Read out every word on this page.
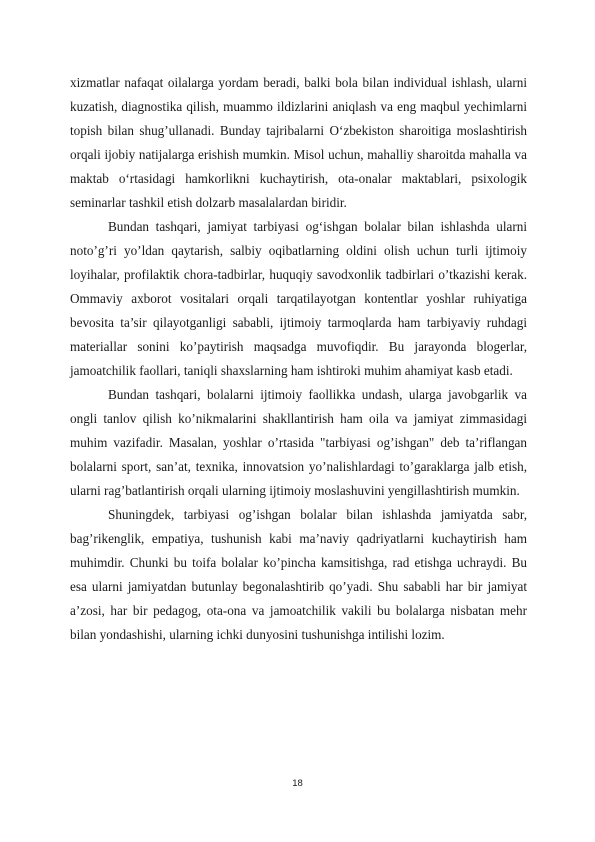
xizmatlar nafaqat oilalarga yordam beradi, balki bola bilan individual ishlash, ularni kuzatish, diagnostika qilish, muammo ildizlarini aniqlash va eng maqbul yechimlarni topish bilan shug’ullanadi. Bunday tajribalarni O‘zbekiston sharoitiga moslashtirish orqali ijobiy natijalarga erishish mumkin. Misol uchun, mahalliy sharoitda mahalla va maktab o‘rtasidagi hamkorlikni kuchaytirish, ota-onalar maktablari, psixologik seminarlar tashkil etish dolzarb masalalardan biridir.

Bundan tashqari, jamiyat tarbiyasi og‘ishgan bolalar bilan ishlashda ularni noto’g’ri yo’ldan qaytarish, salbiy oqibatlarning oldini olish uchun turli ijtimoiy loyihalar, profilaktik chora-tadbirlar, huquqiy savodxonlik tadbirlari o’tkazishi kerak. Ommaviy axborot vositalari orqali tarqatilayotgan kontentlar yoshlar ruhiyatiga bevosita ta’sir qilayotganligi sababli, ijtimoiy tarmoqlarda ham tarbiyaviy ruhdagi materiallar sonini ko’paytirish maqsadga muvofiqdir. Bu jarayonda blogerlar, jamoatchilik faollari, taniqli shaxslarning ham ishtiroki muhim ahamiyat kasb etadi.

Bundan tashqari, bolalarni ijtimoiy faollikka undash, ularga javobgarlik va ongli tanlov qilish ko’nikmalarini shakllantirish ham oila va jamiyat zimmasidagi muhim vazifadir. Masalan, yoshlar o’rtasida "tarbiyasi og’ishgan" deb ta’riflangan bolalarni sport, san’at, texnika, innovatsion yo’nalishlardagi to’garaklarga jalb etish, ularni rag’batlantirish orqali ularning ijtimoiy moslashuvini yengillashtirish mumkin.

Shuningdek, tarbiyasi og’ishgan bolalar bilan ishlashda jamiyatda sabr, bag’rikenglik, empatiya, tushunish kabi ma’naviy qadriyatlarni kuchaytirish ham muhimdir. Chunki bu toifa bolalar ko’pincha kamsitishga, rad etishga uchraydi. Bu esa ularni jamiyatdan butunlay begonalashtirib qo’yadi. Shu sababli har bir jamiyat a’zosi, har bir pedagog, ota-ona va jamoatchilik vakili bu bolalarga nisbatan mehr bilan yondashishi, ularning ichki dunyosini tushunishga intilishi lozim.

18
